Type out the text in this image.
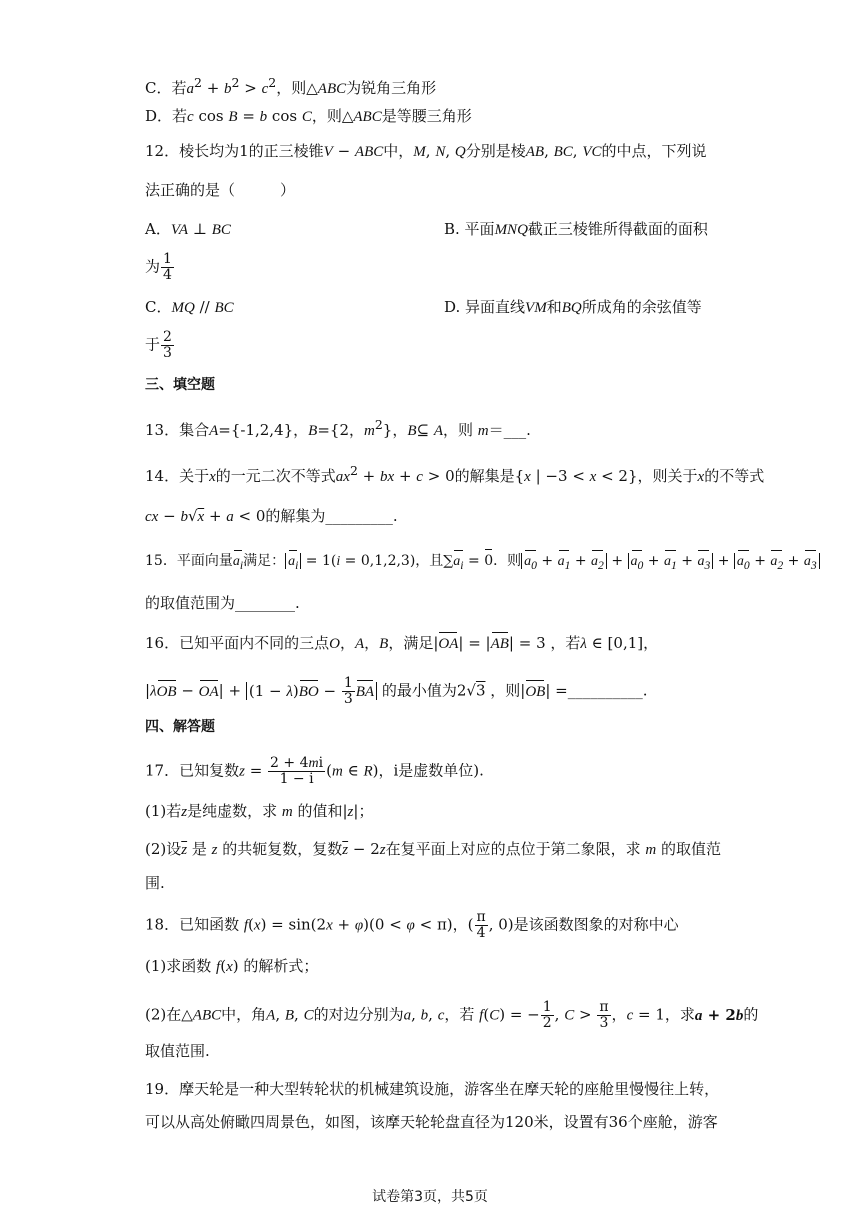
C．若$a^2 + b^2 > c^2$，则△ABC为锐角三角形
D．若c cos B = b cos C，则△ABC是等腰三角形
12．棱长均为1的正三棱锥V − ABC中，M, N, Q分别是棱AB, BC, VC的中点，下列说
法正确的是（　　　）
A．VA ⊥ BC	B. 平面MNQ截正三棱锥所得截面的面积
为 $\frac{1}{4}$
C．MQ // BC	D. 异面直线VM和BQ所成角的余弦值等
于 $\frac{2}{3}$
三、填空题
13．集合A={-1,2,4}，B={2，$m^2$}，B⊆ A，则 m＝___.
14．关于x的一元二次不等式$ax^2$ + bx + c > 0的解集是{x | −3 < x < 2}，则关于x的不等式
cx − b√x + a < 0的解集为_________.
15．平面向量$a_i$满足： $a_i = 1(i = 0,1,2,3)$，且$\sum a_i = 0$．则 $a_0 + a_1 + a_2 + a_0 + a_1 + a_3 + a_0 + a_2 + a_3$
的取值范围为________.
16．已知平面内不同的三点O，A，B，满足|OA| = |AB| = 3 ，若λ ∈ [0,1]，
$|\lambda OB - OA| + (1 - \lambda)BO - \frac{1}{3}$ BA 的最小值为2√3 ，则|OB| =__________.
四、解答题
17．已知复数$z = \frac{2 + 4mi}{1 - i} (m$ ∈ R)，i是虚数单位).
(1)若z是纯虚数，求 m 的值和|z|；
(2)设$\overline{z}$ 是 z 的共轭复数，复数$\overline{z} - 2z$在复平面上对应的点位于第二象限，求 m 的取值范
围.
18．已知函数 f(x) = sin(2x + φ)(0 < φ < π)，( $\frac{\pi}{4}$ , 0)是该函数图象的对称中心
(1)求函数 f(x) 的解析式；
(2)在△ABC中，角A, B, C的对边分别为a, b, c，若 f(C) = − $\frac{1}{2}$ , $C > \frac{\pi}{3}$ ，c = 1，求a + 2b的
取值范围.
19．摩天轮是一种大型转轮状的机械建筑设施，游客坐在摩天轮的座舱里慢慢往上转，
可以从高处俯瞰四周景色，如图，该摩天轮轮盘直径为120米，设置有36个座舱，游客
试卷第3页，共5页
